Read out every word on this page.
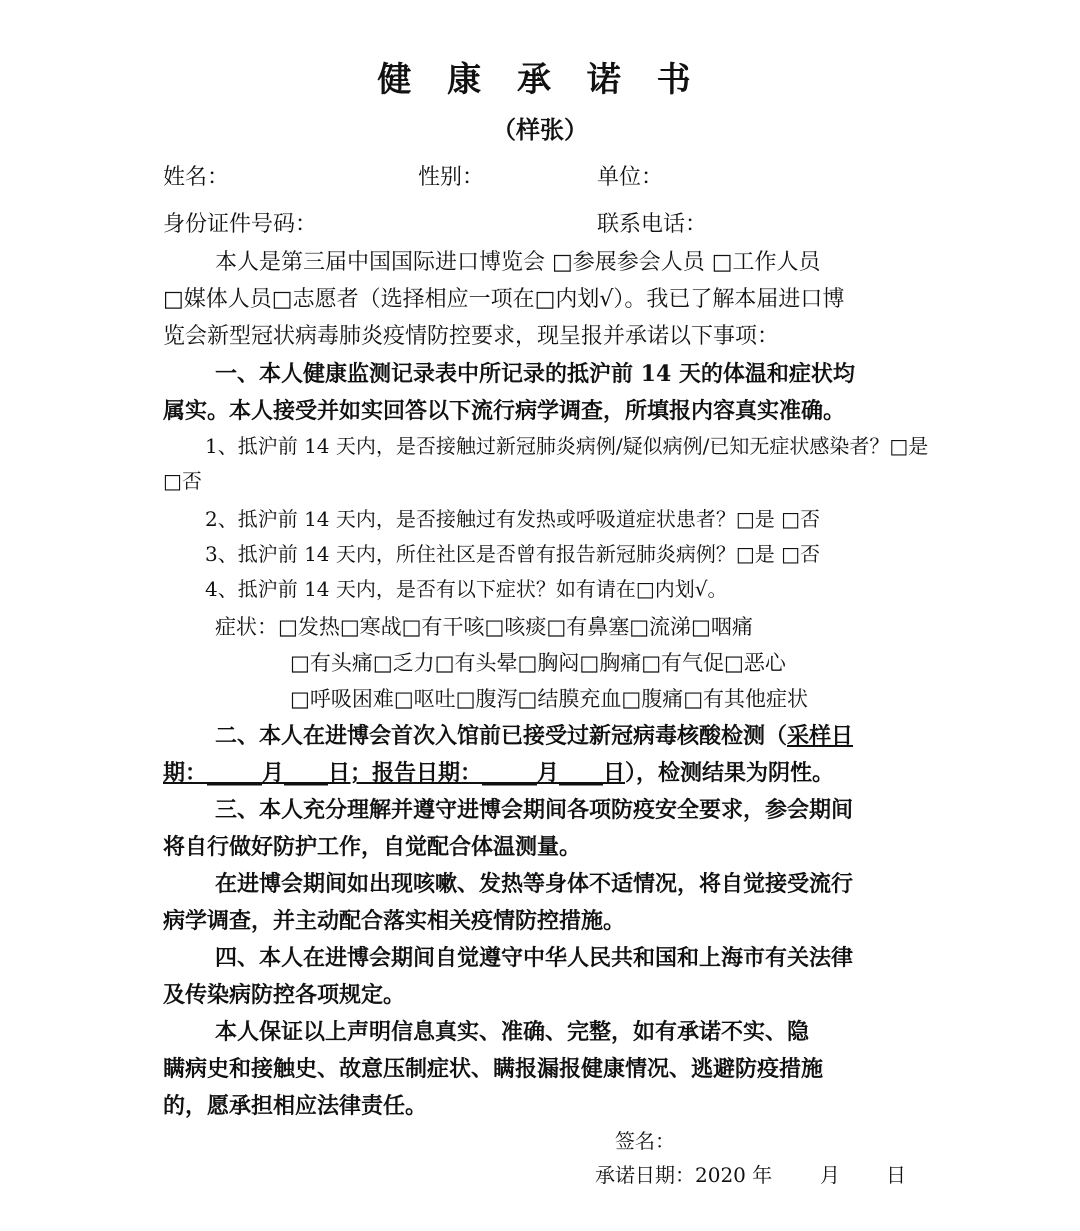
健 康 承 诺 书
（样张）
姓名：	性别：	单位：
身份证件号码：	联系电话：
本人是第三届中国国际进口博览会 □参展参会人员 □工作人员
□媒体人员□志愿者（选择相应一项在□内划√）。我已了解本届进口博
览会新型冠状病毒肺炎疫情防控要求，现呈报并承诺以下事项：
一、本人健康监测记录表中所记录的抵沪前 14 天的体温和症状均
属实。本人接受并如实回答以下流行病学调查，所填报内容真实准确。
1、抵沪前 14 天内，是否接触过新冠肺炎病例/疑似病例/已知无症状感染者？□是
□否
2、抵沪前 14 天内，是否接触过有发热或呼吸道症状患者？□是 □否
3、抵沪前 14 天内，所住社区是否曾有报告新冠肺炎病例？□是 □否
4、抵沪前 14 天内，是否有以下症状？如有请在□内划√。
症状：□发热□寒战□有干咳□咳痰□有鼻塞□流涕□咽痛
□有头痛□乏力□有头晕□胸闷□胸痛□有气促□恶心
□呼吸困难□呕吐□腹泻□结膜充血□腹痛□有其他症状
二、本人在进博会首次入馆前已接受过新冠病毒核酸检测（采样日
期：_____月____日；报告日期：_____月____日），检测结果为阴性。
三、本人充分理解并遵守进博会期间各项防疫安全要求，参会期间
将自行做好防护工作，自觉配合体温测量。
在进博会期间如出现咳嗽、发热等身体不适情况，将自觉接受流行
病学调查，并主动配合落实相关疫情防控措施。
四、本人在进博会期间自觉遵守中华人民共和国和上海市有关法律
及传染病防控各项规定。
本人保证以上声明信息真实、准确、完整，如有承诺不实、隐
瞒病史和接触史、故意压制症状、瞒报漏报健康情况、逃避防疫措施
的，愿承担相应法律责任。
签名：
承诺日期：2020 年 月 日
